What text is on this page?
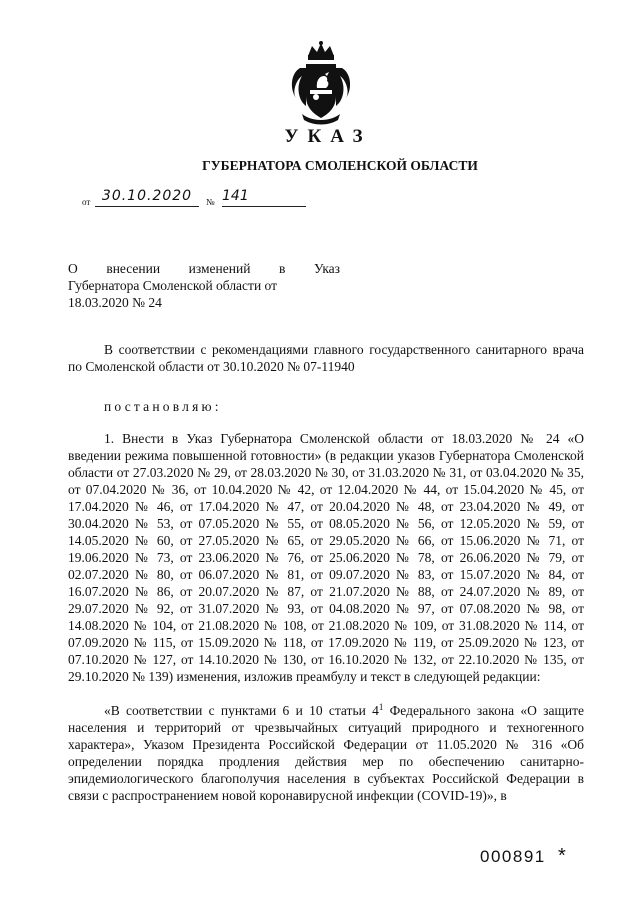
УКАЗ
ГУБЕРНАТОРА СМОЛЕНСКОЙ ОБЛАСТИ
от 30.10.2020	№ 141
О внесении изменений в Указ
Губернатора Смоленской области от
18.03.2020 № 24

В соответствии с рекомендациями главного государственного санитарного врача по Смоленской области от 30.10.2020 № 07-11940

постановляю:

1. Внести в Указ Губернатора Смоленской области от 18.03.2020 № 24 «О введении режима повышенной готовности» (в редакции указов Губернатора Смоленской области от 27.03.2020 № 29, от 28.03.2020 № 30, от 31.03.2020 № 31, от 03.04.2020 № 35, от 07.04.2020 № 36, от 10.04.2020 № 42, от 12.04.2020 № 44, от 15.04.2020 № 45, от 17.04.2020 № 46, от 17.04.2020 № 47, от 20.04.2020 № 48, от 23.04.2020 № 49, от 30.04.2020 № 53, от 07.05.2020 № 55, от 08.05.2020 № 56, от 12.05.2020 № 59, от 14.05.2020 № 60, от 27.05.2020 № 65, от 29.05.2020 № 66, от 15.06.2020 № 71, от 19.06.2020 № 73, от 23.06.2020 № 76, от 25.06.2020 № 78, от 26.06.2020 № 79, от 02.07.2020 № 80, от 06.07.2020 № 81, от 09.07.2020 № 83, от 15.07.2020 № 84, от 16.07.2020 № 86, от 20.07.2020 № 87, от 21.07.2020 № 88, от 24.07.2020 № 89, от 29.07.2020 № 92, от 31.07.2020 № 93, от 04.08.2020 № 97, от 07.08.2020 № 98, от 14.08.2020 № 104, от 21.08.2020 № 108, от 21.08.2020 № 109, от 31.08.2020 № 114, от 07.09.2020 № 115, от 15.09.2020 № 118, от 17.09.2020 № 119, от 25.09.2020 № 123, от 07.10.2020 № 127, от 14.10.2020 № 130, от 16.10.2020 № 132, от 22.10.2020 № 135, от 29.10.2020 № 139) изменения, изложив преамбулу и текст в следующей редакции:

«В соответствии с пунктами 6 и 10 статьи $4^1$ Федерального закона «О защите населения и территорий от чрезвычайных ситуаций природного и техногенного характера», Указом Президента Российской Федерации от 11.05.2020 № 316 «Об определении порядка продления действия мер по обеспечению санитарно-эпидемиологического благополучия населения в субъектах Российской Федерации в связи с распространением новой коронавирусной инфекции (COVID-19)», в

000891 *
